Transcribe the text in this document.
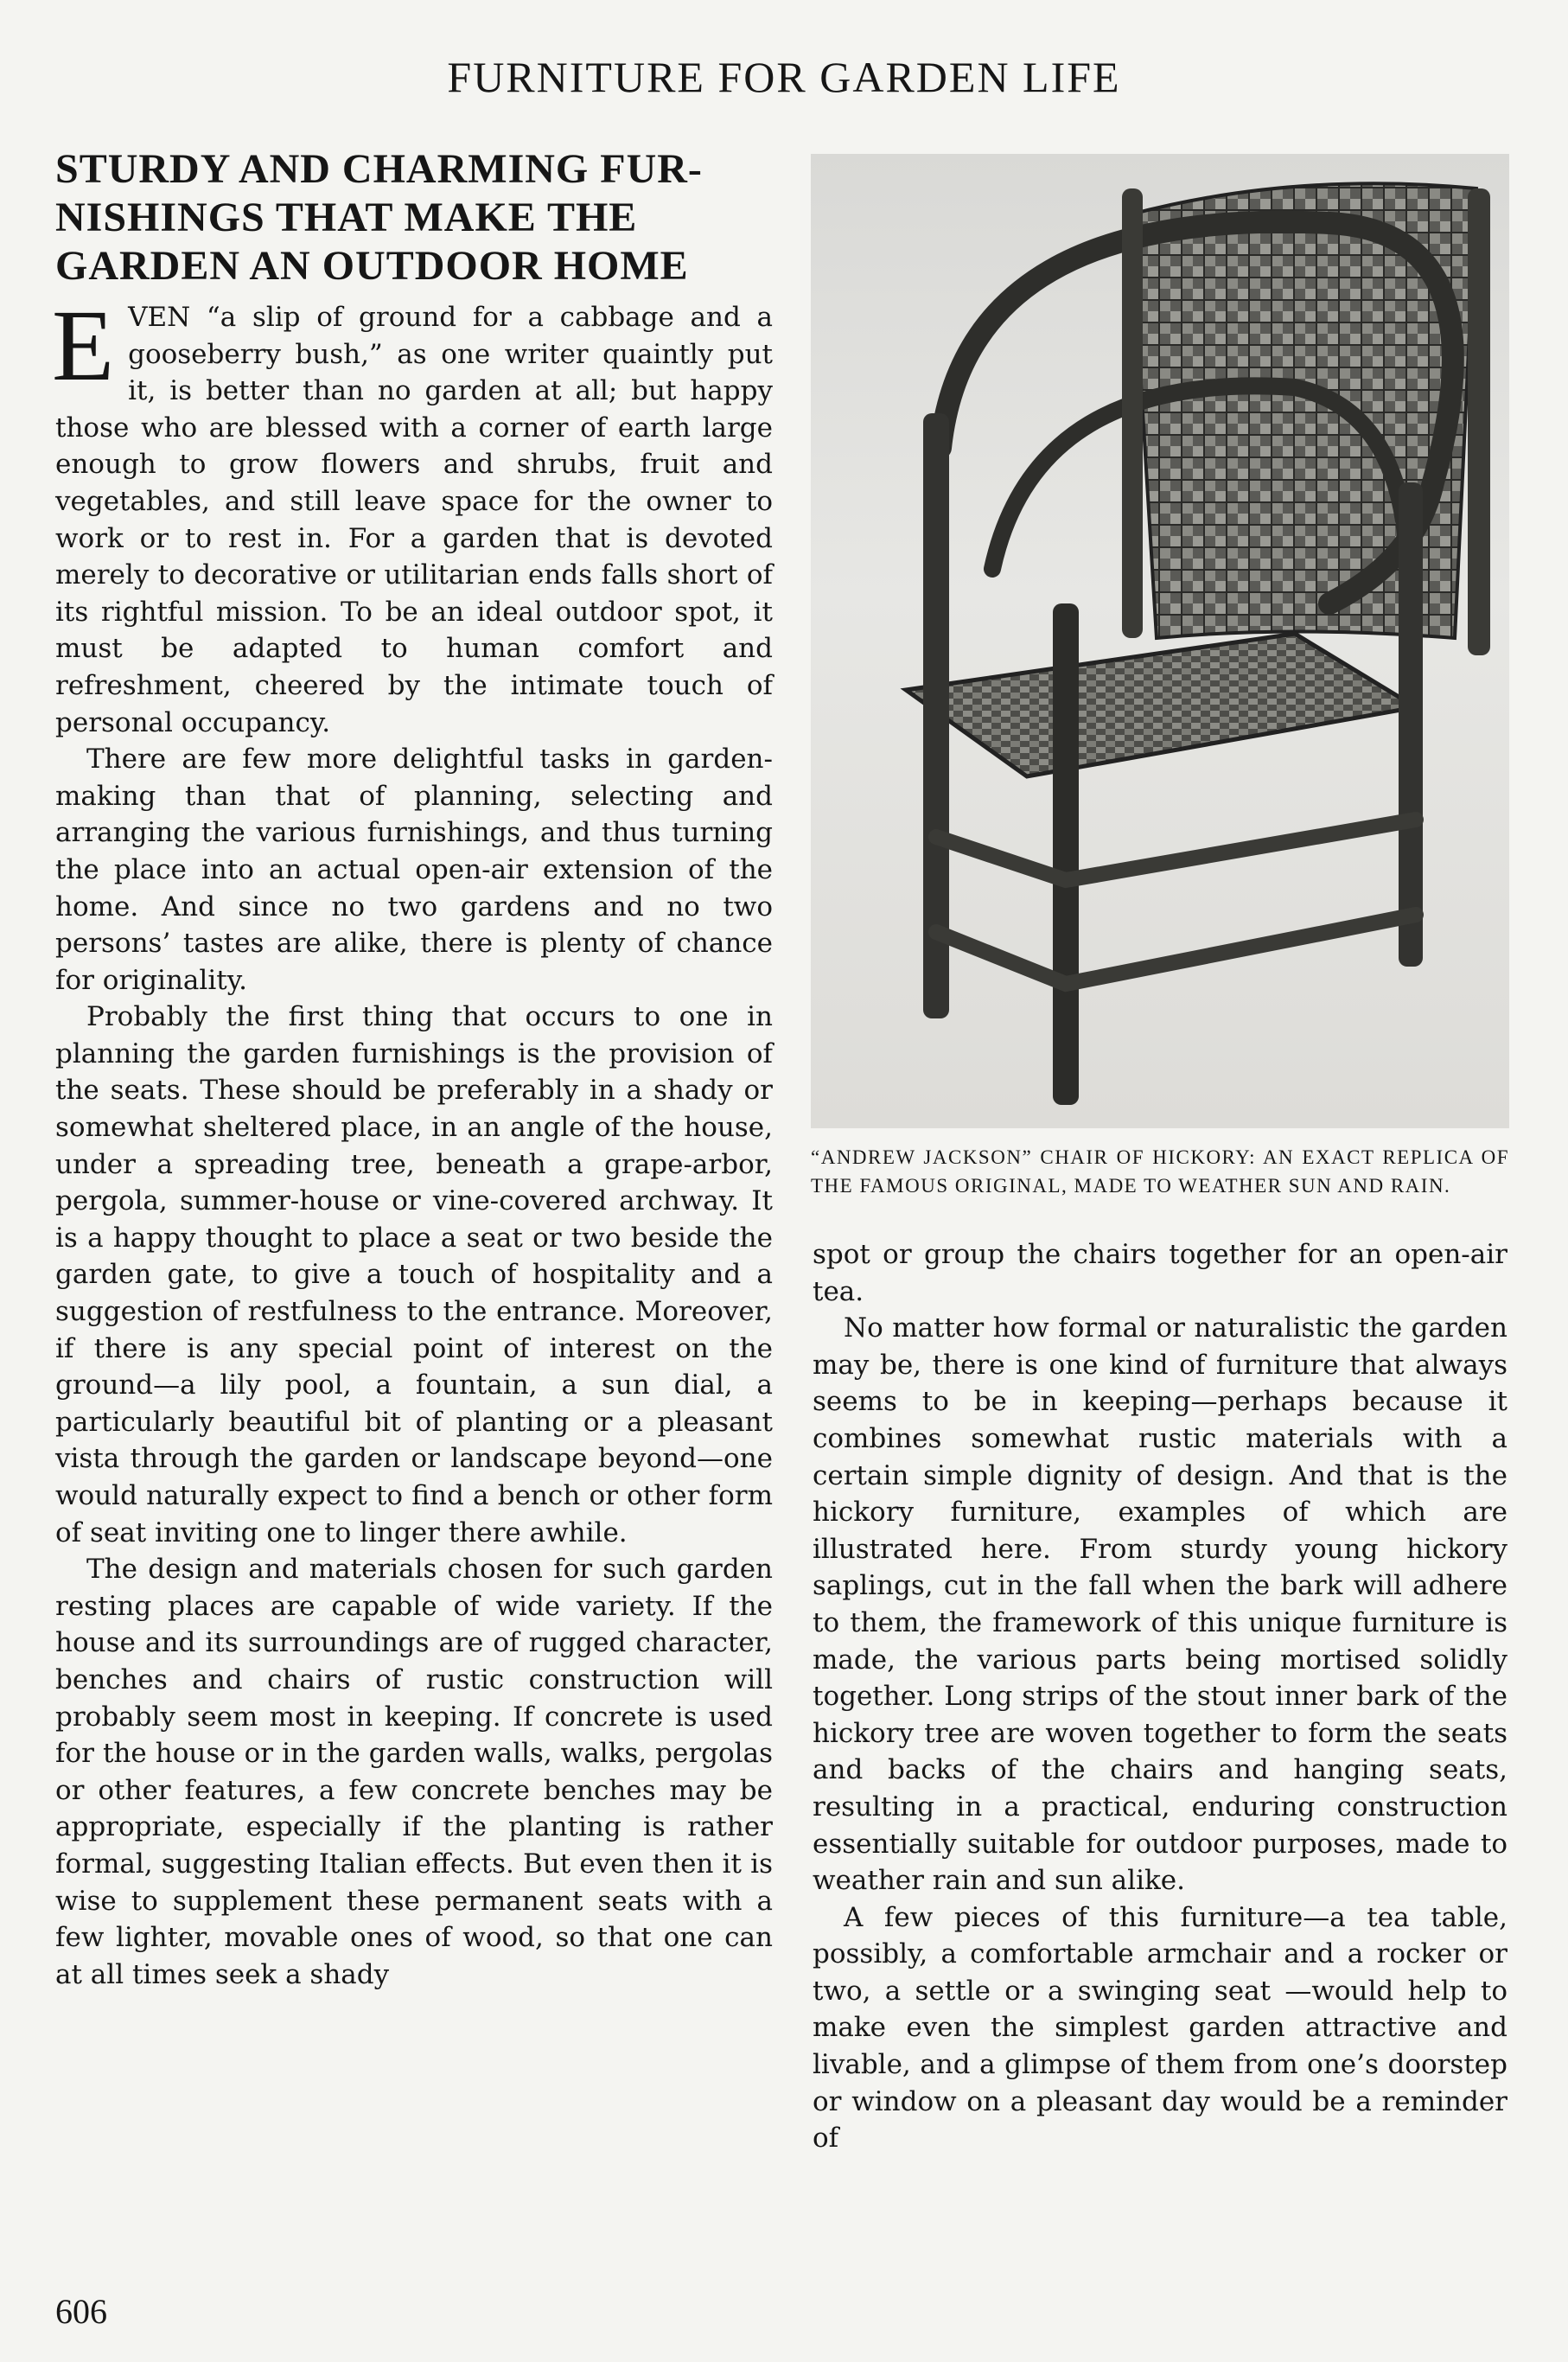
FURNITURE FOR GARDEN LIFE
STURDY AND CHARMING FUR-
NISHINGS THAT MAKE THE
GARDEN AN OUTDOOR HOME

EVEN “a slip of ground for a cabbage and a gooseberry bush,” as one writer quaintly put it, is better than no garden at all; but happy those who are blessed with a corner of earth large enough to grow flowers and shrubs, fruit and vegetables, and still leave space for the owner to work or to rest in. For a garden that is devoted merely to decorative or utilitarian ends falls short of its rightful mission. To be an ideal outdoor spot, it must be adapted to human comfort and refreshment, cheered by the intimate touch of personal occupancy.

There are few more delightful tasks in garden-making than that of planning, selecting and arranging the various furnishings, and thus turning the place into an actual open-air extension of the home. And since no two gardens and no two persons’ tastes are alike, there is plenty of chance for originality.

Probably the first thing that occurs to one in planning the garden furnishings is the provision of the seats. These should be preferably in a shady or somewhat sheltered place, in an angle of the house, under a spreading tree, beneath a grape-arbor, pergola, summer-house or vine-covered archway. It is a happy thought to place a seat or two beside the garden gate, to give a touch of hospitality and a suggestion of restfulness to the entrance. Moreover, if there is any special point of interest on the ground—a lily pool, a fountain, a sun dial, a particularly beautiful bit of planting or a pleasant vista through the garden or landscape beyond—one would naturally expect to find a bench or other form of seat inviting one to linger there awhile.

The design and materials chosen for such garden resting places are capable of wide variety. If the house and its surroundings are of rugged character, benches and chairs of rustic construction will probably seem most in keeping. If concrete is used for the house or in the garden walls, walks, pergolas or other features, a few concrete benches may be appropriate, especially if the planting is rather formal, suggesting Italian effects. But even then it is wise to supplement these permanent seats with a few lighter, movable ones of wood, so that one can at all times seek a shady

“ANDREW JACKSON” CHAIR OF HICKORY: AN EXACT REPLICA OF THE FAMOUS ORIGINAL, MADE TO WEATHER SUN AND RAIN.

spot or group the chairs together for an open-air tea.

No matter how formal or naturalistic the garden may be, there is one kind of furniture that always seems to be in keeping—perhaps because it combines somewhat rustic materials with a certain simple dignity of design. And that is the hickory furniture, examples of which are illustrated here. From sturdy young hickory saplings, cut in the fall when the bark will adhere to them, the framework of this unique furniture is made, the various parts being mortised solidly together. Long strips of the stout inner bark of the hickory tree are woven together to form the seats and backs of the chairs and hanging seats, resulting in a practical, enduring construction essentially suitable for outdoor purposes, made to weather rain and sun alike.

A few pieces of this furniture—a tea table, possibly, a comfortable armchair and a rocker or two, a settle or a swinging seat —would help to make even the simplest garden attractive and livable, and a glimpse of them from one’s doorstep or window on a pleasant day would be a reminder of

606
